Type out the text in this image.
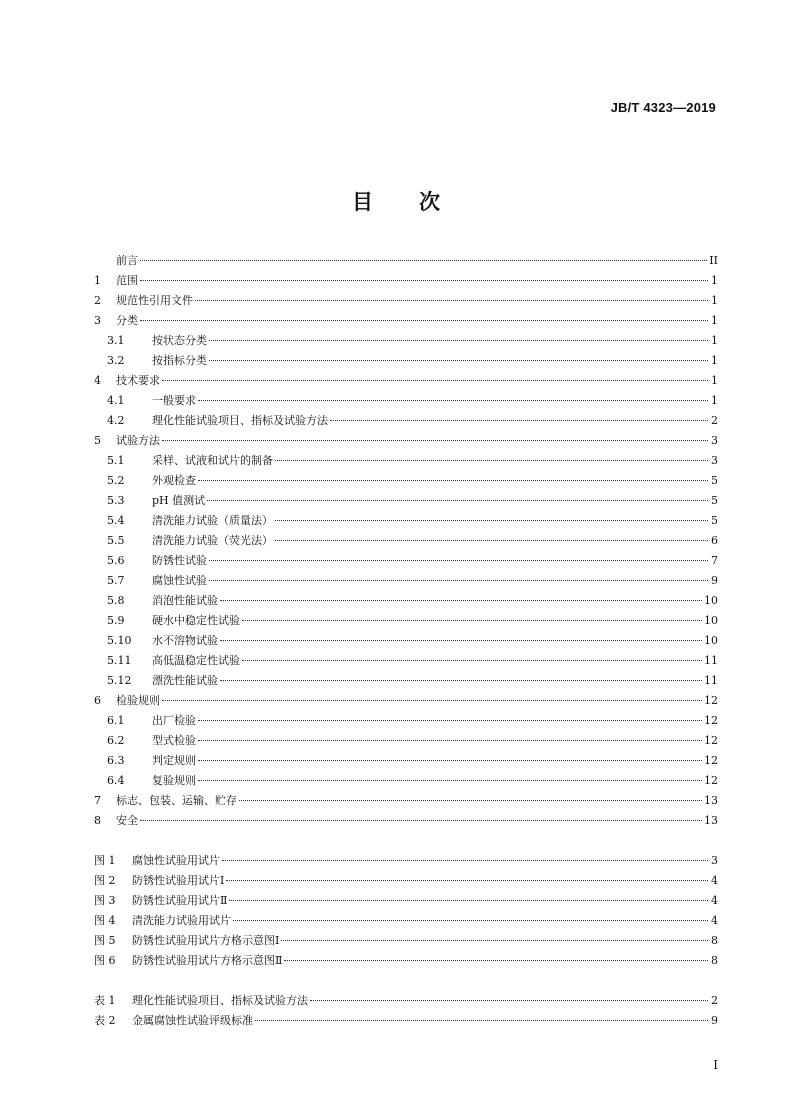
JB/T 4323—2019
目 次
前言	II
1	范围	1
2	规范性引用文件	1
3	分类	1
3.1	按状态分类	1
3.2	按指标分类	1
4	技术要求	1
4.1	一般要求	1
4.2	理化性能试验项目、指标及试验方法	2
5	试验方法	3
5.1	采样、试液和试片的制备	3
5.2	外观检查	5
5.3	pH 值测试	5
5.4	清洗能力试验（质量法）	5
5.5	清洗能力试验（荧光法）	6
5.6	防锈性试验	7
5.7	腐蚀性试验	9
5.8	消泡性能试验	10
5.9	硬水中稳定性试验	10
5.10	水不溶物试验	10
5.11	高低温稳定性试验	11
5.12	漂洗性能试验	11
6	检验规则	12
6.1	出厂检验	12
6.2	型式检验	12
6.3	判定规则	12
6.4	复验规则	12
7	标志、包装、运输、贮存	13
8	安全	13
图 1	腐蚀性试验用试片	3
图 2	防锈性试验用试片Ⅰ	4
图 3	防锈性试验用试片Ⅱ	4
图 4	清洗能力试验用试片	4
图 5	防锈性试验用试片方格示意图Ⅰ	8
图 6	防锈性试验用试片方格示意图Ⅱ	8
表 1	理化性能试验项目、指标及试验方法	2
表 2	金属腐蚀性试验评级标准	9
I
